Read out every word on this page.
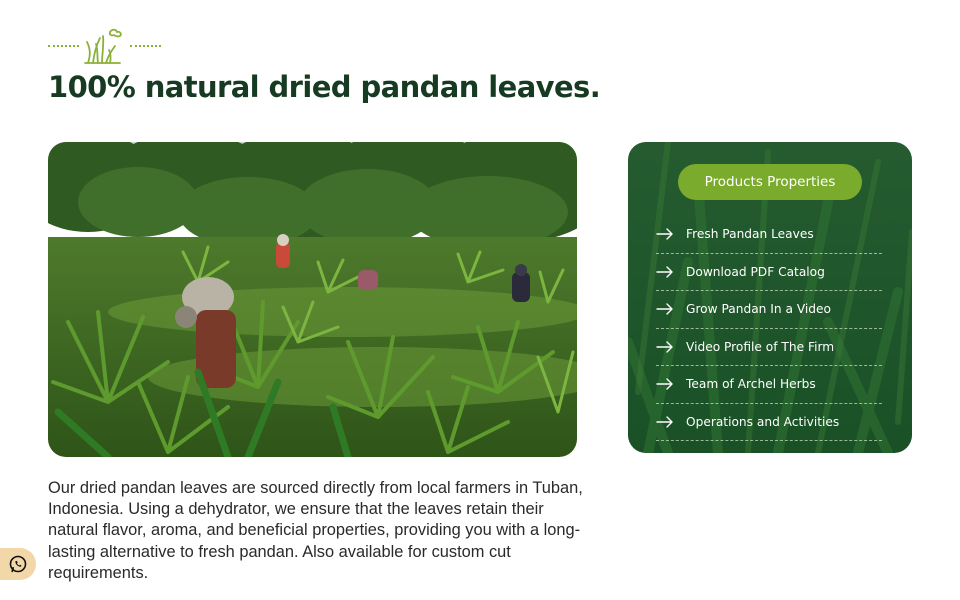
100% natural dried pandan leaves.
Products Properties
Fresh Pandan Leaves
Download PDF Catalog
Grow Pandan In a Video
Video Profile of The Firm
Team of Archel Herbs
Operations and Activities

Our dried pandan leaves are sourced directly from local farmers in Tuban, Indonesia. Using a dehydrator, we ensure that the leaves retain their natural flavor, aroma, and beneficial properties, providing you with a long-lasting alternative to fresh pandan. Also available for custom cut requirements.
